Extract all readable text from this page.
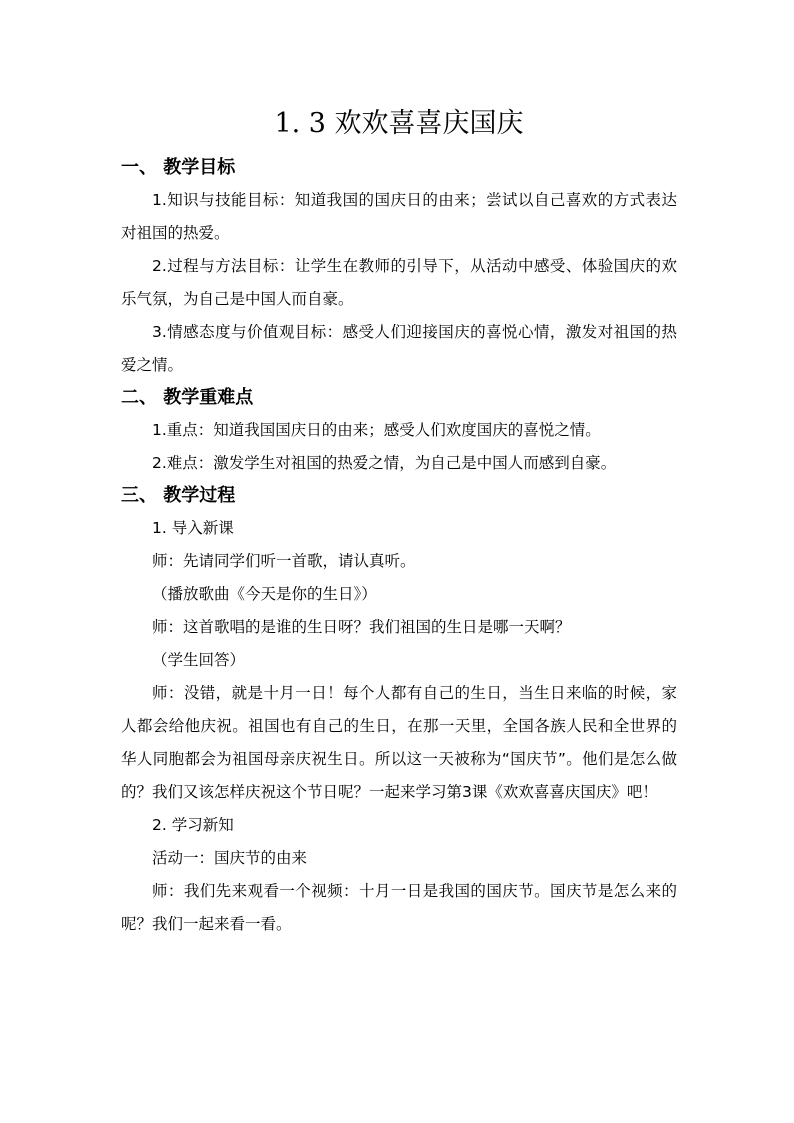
1. 3 欢欢喜喜庆国庆
一、 教学目标

1.知识与技能目标：知道我国的国庆日的由来；尝试以自己喜欢的方式表达对祖国的热爱。

2.过程与方法目标：让学生在教师的引导下，从活动中感受、体验国庆的欢乐气氛，为自己是中国人而自豪。

3.情感态度与价值观目标：感受人们迎接国庆的喜悦心情，激发对祖国的热爱之情。

二、 教学重难点

1.重点：知道我国国庆日的由来；感受人们欢度国庆的喜悦之情。

2.难点：激发学生对祖国的热爱之情，为自己是中国人而感到自豪。

三、 教学过程

1. 导入新课

师：先请同学们听一首歌，请认真听。

（播放歌曲《今天是你的生日》）

师：这首歌唱的是谁的生日呀？我们祖国的生日是哪一天啊？

（学生回答）

师：没错，就是十月一日！每个人都有自己的生日，当生日来临的时候，家人都会给他庆祝。祖国也有自己的生日，在那一天里，全国各族人民和全世界的华人同胞都会为祖国母亲庆祝生日。所以这一天被称为“国庆节”。他们是怎么做的？我们又该怎样庆祝这个节日呢？一起来学习第3课《欢欢喜喜庆国庆》吧！

2. 学习新知

活动一：国庆节的由来

师：我们先来观看一个视频：十月一日是我国的国庆节。国庆节是怎么来的呢？我们一起来看一看。
